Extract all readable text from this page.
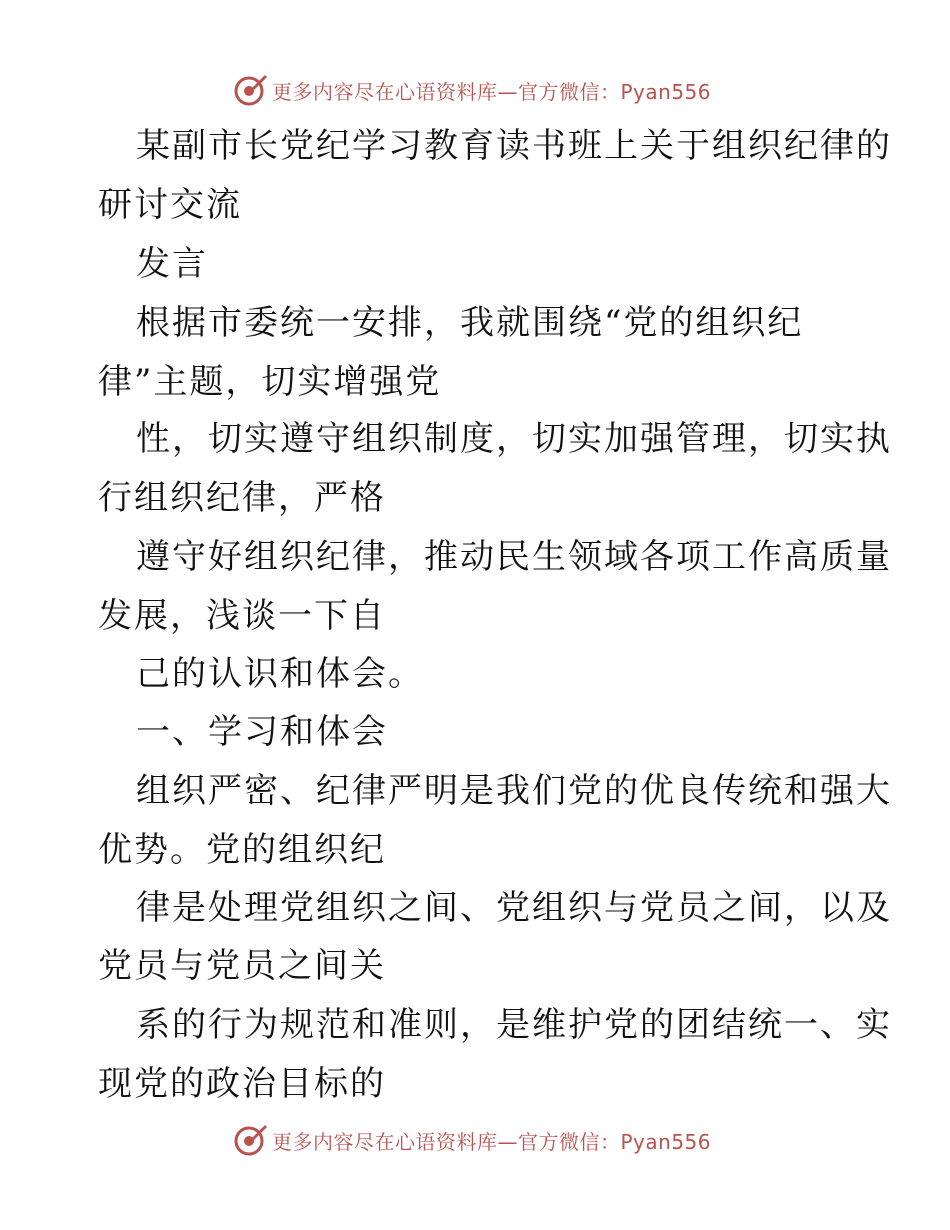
更多内容尽在心语资料库—官方微信：Pyan556
某副市长党纪学习教育读书班上关于组织纪律的
研讨交流
发言
根据市委统一安排，我就围绕“党的组织纪
律”主题，切实增强党
性，切实遵守组织制度，切实加强管理，切实执
行组织纪律，严格
遵守好组织纪律，推动民生领域各项工作高质量
发展，浅谈一下自
己的认识和体会。
一、学习和体会
组织严密、纪律严明是我们党的优良传统和强大
优势。党的组织纪
律是处理党组织之间、党组织与党员之间，以及
党员与党员之间关
系的行为规范和准则，是维护党的团结统一、实
现党的政治目标的
更多内容尽在心语资料库—官方微信：Pyan556
